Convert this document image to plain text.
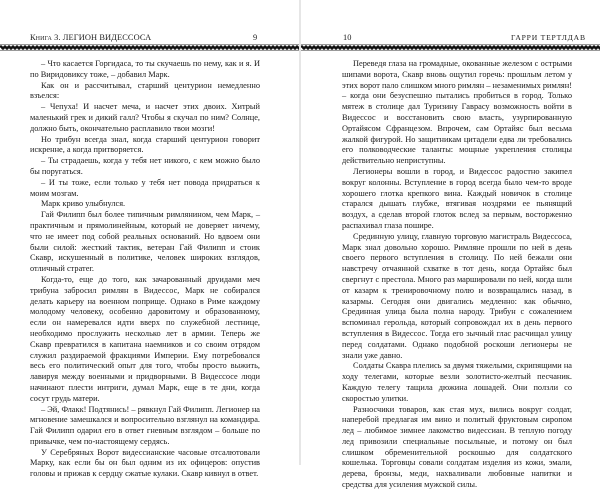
Книга 3. ЛЕГИОН ВИДЕССОСА	9

– Что касается Горгидаса, то ты скучаешь по нему, как и я. И по Виридовиксу тоже, – добавил Марк.

Как он и рассчитывал, старший центурион немедленно взъелся:

– Чепуха! И насчет меча, и насчет этих двоих. Хитрый маленький грек и дикий галл? Чтобы я скучал по ним? Солнце, должно быть, окончательно расплавило твои мозги!

Но трибун всегда знал, когда старший центурион говорит искренне, а когда притворяется.

– Ты страдаешь, когда у тебя нет никого, с кем можно было бы поругаться.

– И ты тоже, если только у тебя нет повода придраться к моим мозгам.

Марк криво улыбнулся.

Гай Филипп был более типичным римлянином, чем Марк, – практичным и прямолинейным, который не доверяет ничему, что не имеет под собой реальных оснований. Но вдвоем они были силой: жесткий тактик, ветеран Гай Филипп и стоик Скавр, искушенный в политике, человек широких взглядов, отличный стратег.

Когда-то, еще до того, как зачарованный друидами меч трибуна забросил римлян в Видессос, Марк не собирался делать карьеру на военном поприще. Однако в Риме каждому молодому человеку, особенно даровитому и образованному, если он намеревался идти вверх по служебной лестнице, необходимо прослужить несколько лет в армии. Теперь же Скавр превратился в капитана наемников и со своим отрядом служил раздираемой фракциями Империи. Ему потребовался весь его политический опыт для того, чтобы просто выжить, лавируя между военными и придворными. В Видессосе люди начинают плести интриги, думал Марк, еще в те дни, когда сосут грудь матери.

– Эй, Флакк! Подтянись! – рявкнул Гай Филипп. Легионер на мгновение замешкался и вопросительно взглянул на командира. Гай Филипп одарил его в ответ гневным взглядом – больше по привычке, чем по-настоящему сердясь.

У Серебряных Ворот видессианские часовые отсалютовали Марку, как если бы он был одним из их офицеров: опустив головы и прижав к сердцу сжатые кулаки. Скавр кивнул в ответ.

10	ГАРРИ ТЕРТЛДАВ

Переведя глаза на громадные, окованные железом с острыми шипами ворота, Скавр вновь ощутил горечь: прошлым летом у этих ворот пало слишком много римлян – незаменимых римлян! – когда они безуспешно пытались пробиться в город. Только мятеж в столице дал Туризину Гаврасу возможность войти в Видессос и восстановить свою власть, узурпированную Ортайясом Сфранцезом. Впрочем, сам Ортайяс был весьма жалкой фигурой. Но защитникам цитадели едва ли требовались его полководческие таланты: мощные укрепления столицы действительно неприступны.

Легионеры вошли в город, и Видессос радостно закипел вокруг колонны. Вступление в город всегда было чем-то вроде хорошего глотка крепкого вина. Каждый новичок в столице старался дышать глубже, втягивая ноздрями ее пьянящий воздух, а сделав второй глоток вслед за первым, восторженно распахивал глаза пошире.

Срединную улицу, главную торговую магистраль Видессоса, Марк знал довольно хорошо. Римляне прошли по ней в день своего первого вступления в столицу. По ней бежали они навстречу отчаянной схватке в тот день, когда Ортайяс был свергнут с престола. Много раз маршировали по ней, когда шли от казарм к тренировочному полю и возвращались назад, в казармы. Сегодня они двигались медленно: как обычно, Срединная улица была полна народу. Трибун с сожалением вспоминал герольда, который сопровождал их в день первого вступления в Видессос. Тогда его зычный глас расчищал улицу перед солдатами. Однако подобной роскоши легионеры не знали уже давно.

Солдаты Скавра плелись за двумя тяжелыми, скрипящими на ходу телегами, которые везли золотисто-желтый песчаник. Каждую телегу тащила дюжина лошадей. Они ползли со скоростью улитки.

Разносчики товаров, как стая мух, вились вокруг солдат, наперебой предлагая им вино и политый фруктовым сиропом лед – любимое зимнее лакомство видессиан. В теплую погоду лед привозили специальные посыльные, и потому он был слишком обременительной роскошью для солдатского кошелька. Торговцы совали солдатам изделия из кожи, эмали, дерева, бронзы, меди, нахваливали любовные напитки и средства для усиления мужской силы.
